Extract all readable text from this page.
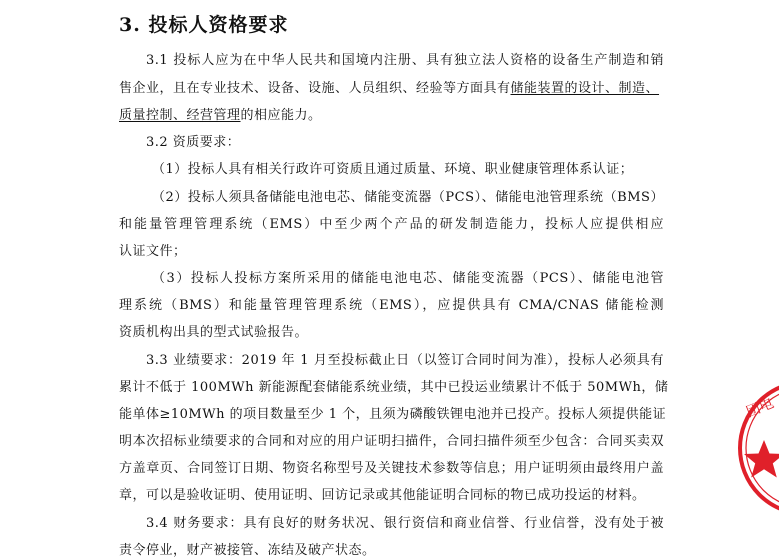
3. 投标人资格要求
3.1 投标人应为在中华人民共和国境内注册、具有独立法人资格的设备生产制造和销
售企业，且在专业技术、设备、设施、人员组织、经验等方面具有储能装置的设计、制造、
质量控制、经营管理的相应能力。
3.2 资质要求：
（1）投标人具有相关行政许可资质且通过质量、环境、职业健康管理体系认证；
（2）投标人须具备储能电池电芯、储能变流器（PCS）、储能电池管理系统（BMS）
和能量管理管理系统（EMS）中至少两个产品的研发制造能力，投标人应提供相应
认证文件；
（3）投标人投标方案所采用的储能电池电芯、储能变流器（PCS）、储能电池管
理系统（BMS）和能量管理管理系统（EMS），应提供具有 CMA/CNAS 储能检测
资质机构出具的型式试验报告。
3.3 业绩要求：2019 年 1 月至投标截止日（以签订合同时间为准），投标人必须具有
累计不低于 100MWh 新能源配套储能系统业绩，其中已投运业绩累计不低于 50MWh，储
能单体≥10MWh 的项目数量至少 1 个，且须为磷酸铁锂电池并已投产。投标人须提供能证
明本次招标业绩要求的合同和对应的用户证明扫描件，合同扫描件须至少包含：合同买卖双
方盖章页、合同签订日期、物资名称型号及关键技术参数等信息；用户证明须由最终用户盖
章，可以是验收证明、使用证明、回访记录或其他能证明合同标的物已成功投运的材料。
3.4 财务要求：具有良好的财务状况、银行资信和商业信誉、行业信誉，没有处于被
责令停业，财产被接管、冻结及破产状态。
团电
